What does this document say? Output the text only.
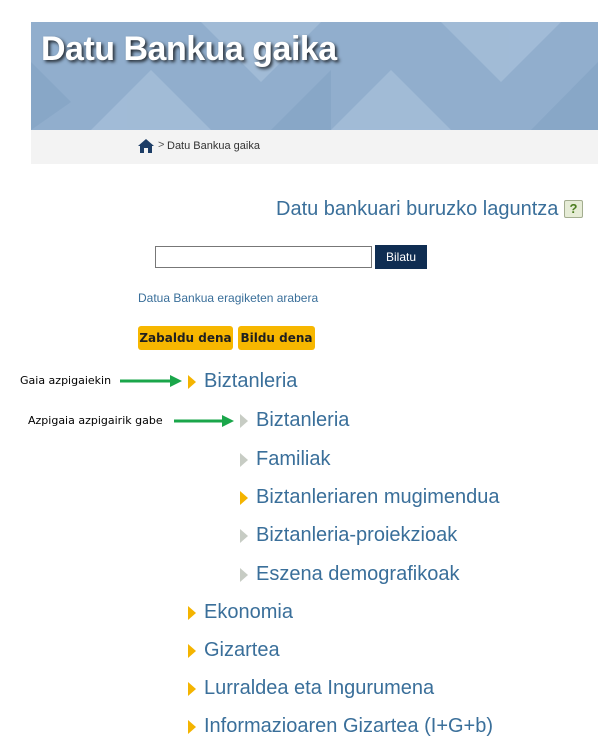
Datu Bankua gaika
> Datu Bankua gaika
Datu bankuari buruzko laguntza ?
Bilatu
Datua Bankua eragiketen arabera
Zabaldu dena Bildu dena
Biztanleria
Biztanleria
Familiak
Biztanleriaren mugimendua
Biztanleria-proiekzioak
Eszena demografikoak
Ekonomia
Gizartea
Lurraldea eta Ingurumena
Informazioaren Gizartea (I+G+b)
Gaia azpigaiekin
Azpigaia azpigairik gabe
